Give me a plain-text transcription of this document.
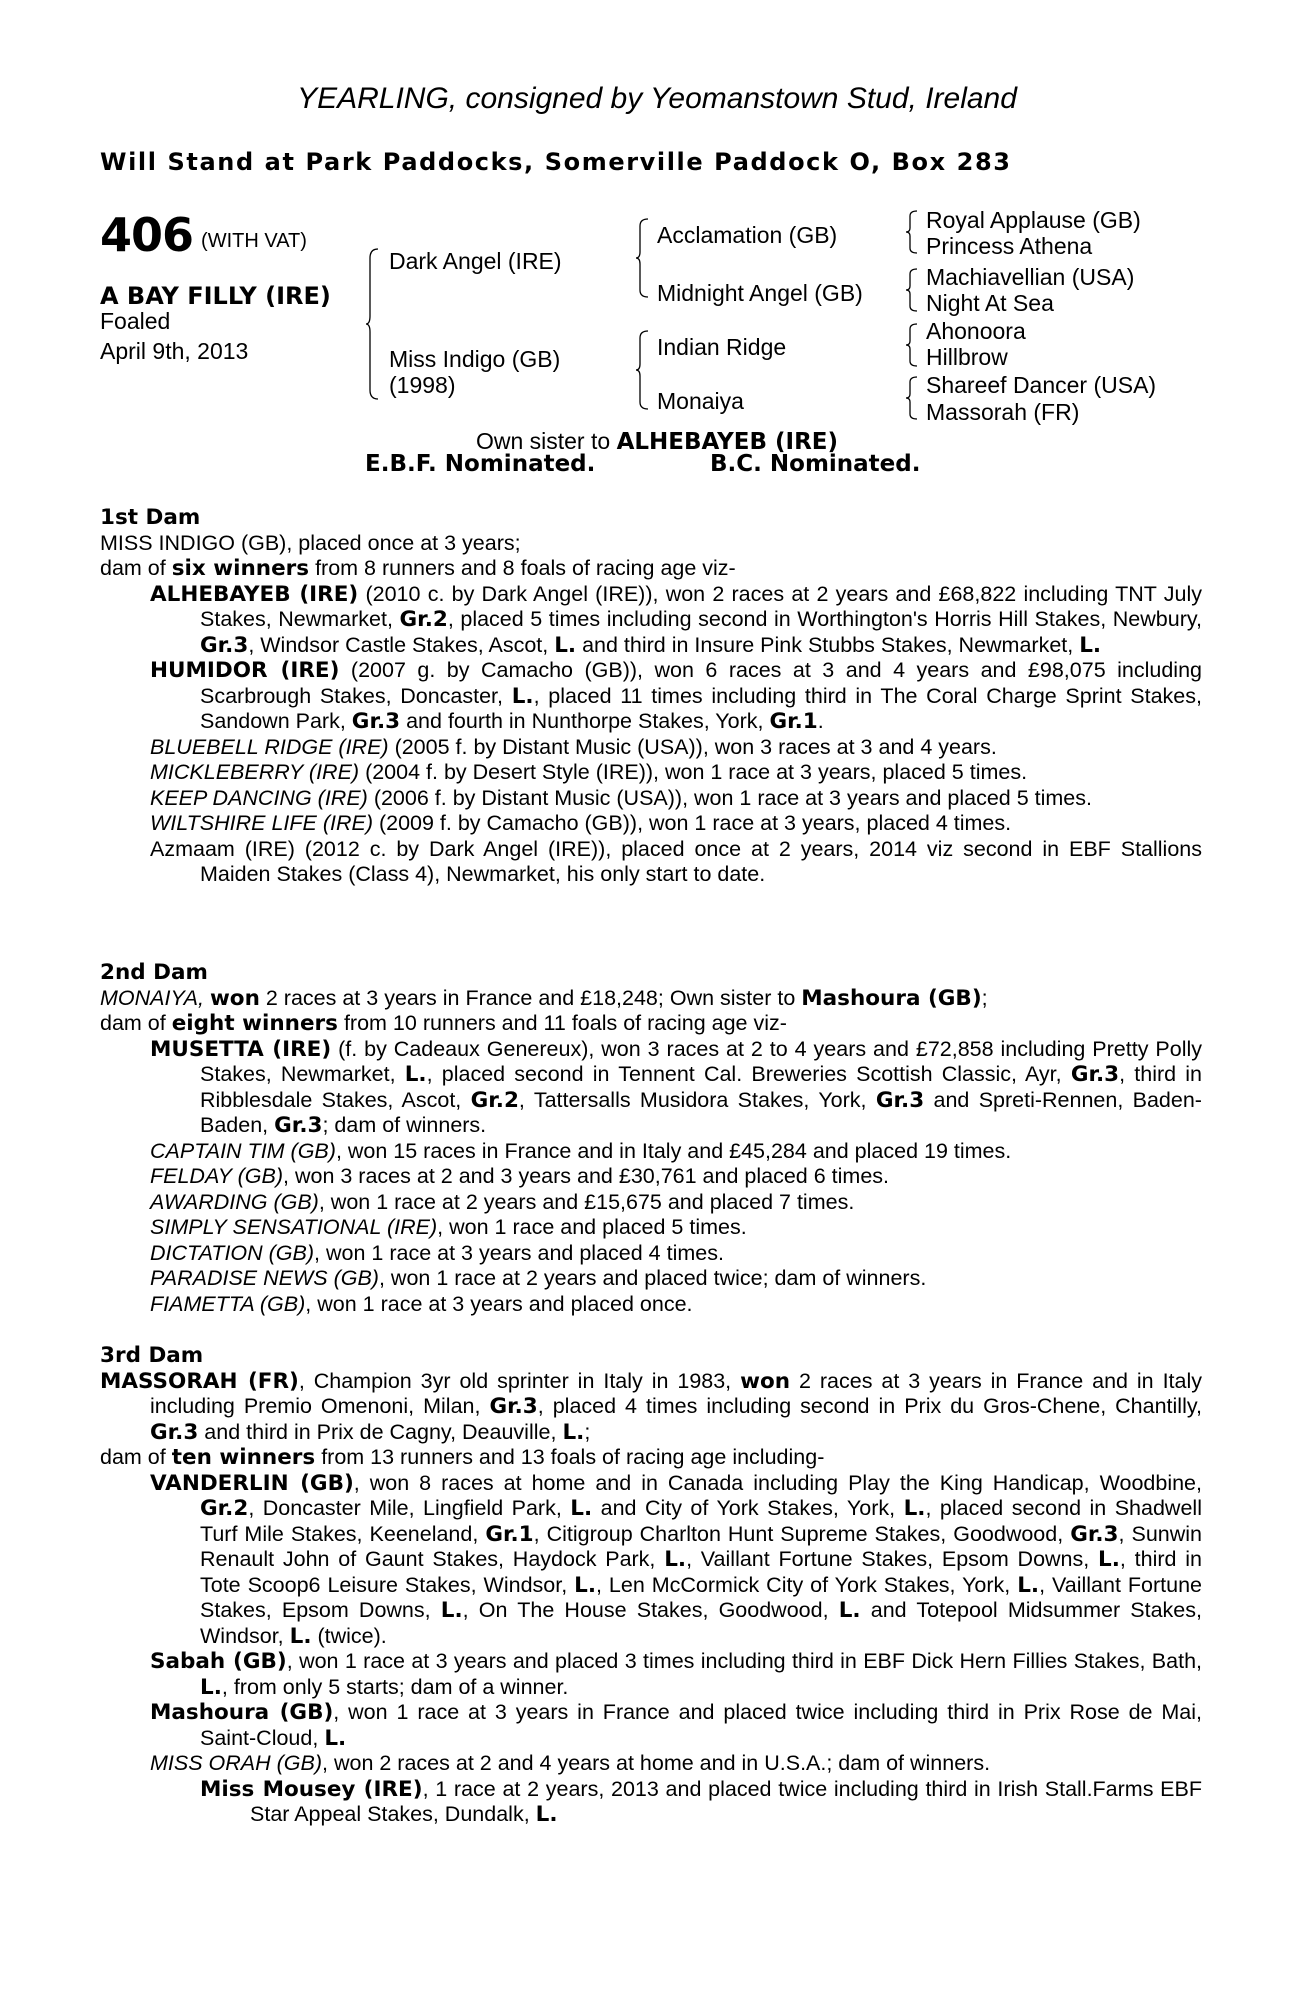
YEARLING, consigned by Yeomanstown Stud, Ireland
Will Stand at Park Paddocks, Somerville Paddock O, Box 283
406 (WITH VAT)
A BAY FILLY (IRE)
Foaled
April 9th, 2013
Dark Angel (IRE)
Miss Indigo (GB)
(1998)
Acclamation (GB)
Midnight Angel (GB)
Indian Ridge
Monaiya
Royal Applause (GB)
Princess Athena
Machiavellian (USA)
Night At Sea
Ahonoora
Hillbrow
Shareef Dancer (USA)
Massorah (FR)
Own sister to ALHEBAYEB (IRE)
E.B.F. Nominated.	B.C. Nominated.
1st Dam
MISS INDIGO (GB), placed once at 3 years;
dam of six winners from 8 runners and 8 foals of racing age viz-
ALHEBAYEB (IRE) (2010 c. by Dark Angel (IRE)), won 2 races at 2 years and £68,822 including TNT July Stakes, Newmarket, Gr.2, placed 5 times including second in Worthington's Horris Hill Stakes, Newbury, Gr.3, Windsor Castle Stakes, Ascot, L. and third in Insure Pink Stubbs Stakes, Newmarket, L.
HUMIDOR (IRE) (2007 g. by Camacho (GB)), won 6 races at 3 and 4 years and £98,075 including Scarbrough Stakes, Doncaster, L., placed 11 times including third in The Coral Charge Sprint Stakes, Sandown Park, Gr.3 and fourth in Nunthorpe Stakes, York, Gr.1.
BLUEBELL RIDGE (IRE) (2005 f. by Distant Music (USA)), won 3 races at 3 and 4 years.
MICKLEBERRY (IRE) (2004 f. by Desert Style (IRE)), won 1 race at 3 years, placed 5 times.
KEEP DANCING (IRE) (2006 f. by Distant Music (USA)), won 1 race at 3 years and placed 5 times.
WILTSHIRE LIFE (IRE) (2009 f. by Camacho (GB)), won 1 race at 3 years, placed 4 times.
Azmaam (IRE) (2012 c. by Dark Angel (IRE)), placed once at 2 years, 2014 viz second in EBF Stallions Maiden Stakes (Class 4), Newmarket, his only start to date.
2nd Dam
MONAIYA, won 2 races at 3 years in France and £18,248; Own sister to Mashoura (GB);
dam of eight winners from 10 runners and 11 foals of racing age viz-
MUSETTA (IRE) (f. by Cadeaux Genereux), won 3 races at 2 to 4 years and £72,858 including Pretty Polly Stakes, Newmarket, L., placed second in Tennent Cal. Breweries Scottish Classic, Ayr, Gr.3, third in Ribblesdale Stakes, Ascot, Gr.2, Tattersalls Musidora Stakes, York, Gr.3 and Spreti-Rennen, Baden-Baden, Gr.3; dam of winners.
CAPTAIN TIM (GB), won 15 races in France and in Italy and £45,284 and placed 19 times.
FELDAY (GB), won 3 races at 2 and 3 years and £30,761 and placed 6 times.
AWARDING (GB), won 1 race at 2 years and £15,675 and placed 7 times.
SIMPLY SENSATIONAL (IRE), won 1 race and placed 5 times.
DICTATION (GB), won 1 race at 3 years and placed 4 times.
PARADISE NEWS (GB), won 1 race at 2 years and placed twice; dam of winners.
FIAMETTA (GB), won 1 race at 3 years and placed once.
3rd Dam
MASSORAH (FR), Champion 3yr old sprinter in Italy in 1983, won 2 races at 3 years in France and in Italy including Premio Omenoni, Milan, Gr.3, placed 4 times including second in Prix du Gros-Chene, Chantilly, Gr.3 and third in Prix de Cagny, Deauville, L.;
dam of ten winners from 13 runners and 13 foals of racing age including-
VANDERLIN (GB), won 8 races at home and in Canada including Play the King Handicap, Woodbine, Gr.2, Doncaster Mile, Lingfield Park, L. and City of York Stakes, York, L., placed second in Shadwell Turf Mile Stakes, Keeneland, Gr.1, Citigroup Charlton Hunt Supreme Stakes, Goodwood, Gr.3, Sunwin Renault John of Gaunt Stakes, Haydock Park, L., Vaillant Fortune Stakes, Epsom Downs, L., third in Tote Scoop6 Leisure Stakes, Windsor, L., Len McCormick City of York Stakes, York, L., Vaillant Fortune Stakes, Epsom Downs, L., On The House Stakes, Goodwood, L. and Totepool Midsummer Stakes, Windsor, L. (twice).
Sabah (GB), won 1 race at 3 years and placed 3 times including third in EBF Dick Hern Fillies Stakes, Bath, L., from only 5 starts; dam of a winner.
Mashoura (GB), won 1 race at 3 years in France and placed twice including third in Prix Rose de Mai, Saint-Cloud, L.
MISS ORAH (GB), won 2 races at 2 and 4 years at home and in U.S.A.; dam of winners.
Miss Mousey (IRE), 1 race at 2 years, 2013 and placed twice including third in Irish Stall.Farms EBF Star Appeal Stakes, Dundalk, L.
